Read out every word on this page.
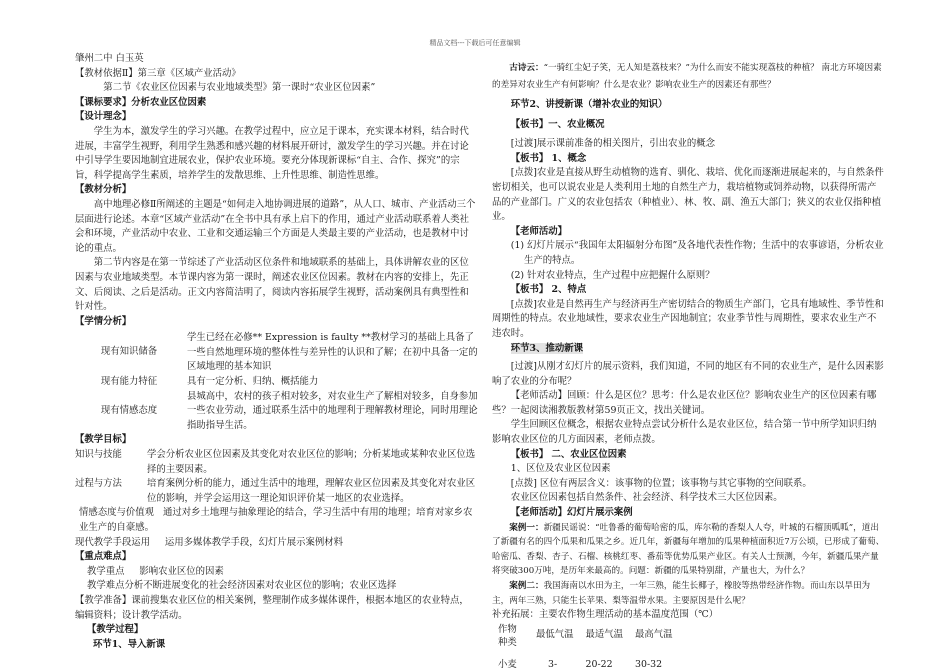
精品文档---下载后可任意编辑

肇州二中 白玉英

【教材依据Ⅱ】第三章《区域产业活动》

第二节《农业区位因素与农业地域类型》第一课时“农业区位因素”

【课标要求】分析农业区位因素

【设计理念】

学生为本，激发学生的学习兴趣。在教学过程中，应立足于课本，充实课本材料，结合时代进展，丰富学生视野，利用学生熟悉和感兴趣的材料展开研讨，激发学生的学习兴趣。并在讨论中引导学生要因地制宜进展农业，保护农业环境。要充分体现新课标“自主、合作、探究”的宗旨，科学提高学生素质，培养学生的发散思维、上升性思维、制造性思维。

【教材分析】

高中地理必修Ⅱ所阐述的主题是“如何走入地协调进展的道路”，从人口、城市、产业活动三个层面进行论述。本章“区域产业活动”在全书中具有承上启下的作用，通过产业活动联系着人类社会和环境，产业活动中农业、工业和交通运输三个方面是人类最主要的产业活动，也是教材中讨论的重点。

第二节内容是在第一节综述了产业活动区位条件和地域联系的基础上，具体讲解农业的区位因素与农业地域类型。本节课内容为第一课时，阐述农业区位因素。教材在内容的安排上，先正文、后阅读、之后是活动。正文内容简洁明了，阅读内容拓展学生视野，活动案例具有典型性和针对性。

【学情分析】

现有知识储备
学生已经在必修** Expression is faulty **教材学习的基础上具备了一些自然地理环境的整体性与差异性的认识和了解；在初中具备一定的区域地理的基本知识
现有能力特征	具有一定分析、归纳、概括能力
现有情感态度
县城高中，农村的孩子相对较多，对农业生产了解相对较多，自身参加一些农业劳动，通过联系生活中的地理利于理解教材理论，同时用理论指助指导生活。

【教学目标】

知识与技能	学会分析农业区位因素及其变化对农业区位的影响；分析某地或某种农业区位选择的主要因素。
过程与方法	培育案例分析的能力，通过生活中的地理，理解农业区位因素及其变化对农业区位的影响，并学会运用这一理论知识评价某一地区的农业选择。

情感态度与价值观 通过对乡土地理与抽象理论的结合，学习生活中有用的地理；培育对家乡农业生产的自豪感。

现代教学手段运用 运用多媒体教学手段，幻灯片展示案例材料

【重点难点】

教学重点 影响农业区位的因素

教学难点分析不断进展变化的社会经济因素对农业区位的影响；农业区选择

【教学准备】课前搜集农业区位的相关案例，整理制作成多媒体课件，根据本地区的农业特点，编辑资料；设计教学活动。

【教学过程】

环节1、导入新课

古诗云：“一骑红尘妃子笑，无人知是荔枝来？”为什么而安不能实现荔枝的种植？ 南北方环境因素的差异对农业生产有何影响？什么是农业？影响农业生产的因素还有那些？

环节2、讲授新课（增补农业的知识）

【板书】一、农业概况

[过渡]展示课前准备的相关图片，引出农业的概念

【板书】 1、概念

[点拨]农业是直接从野生动植物的选育、驯化、栽培、优化而逐渐进展起来的，与自然条件密切相关，也可以说农业是人类利用土地的自然生产力，栽培植物或饲养动物，以获得所需产品的产业部门。广义的农业包括农（种植业）、林、牧、副、渔五大部门；狭义的农业仅指种植业。

【老师活动】

(1) 幻灯片展示“我国年太阳辐射分布图”及各地代表性作物；生活中的农事谚语，分析农业生产的特点。

(2) 针对农业特点，生产过程中应把握什么原则？

【板书】 2、特点

[点拨]农业是自然再生产与经济再生产密切结合的物质生产部门，它具有地域性、季节性和周期性的特点。农业地域性，要求农业生产因地制宜；农业季节性与周期性，要求农业生产不违农时。

环节3、推动新课

[过渡]从刚才幻灯片的展示资料，我们知道，不同的地区有不同的农业生产，是什么因素影响了农业的分布呢？

【老师活动】回顾：什么是区位？思考：什么是农业区位？影响农业生产的区位因素有哪些？一起阅读湘教版教材第59页正文，找出关键词。

学生回顾区位概念，根据农业特点尝试分析什么是农业区位，结合第一节中所学知识归纳影响农业区位的几方面因素，老师点拨。

【板书】 二、农业区位因素

1、区位及农业区位因素

[点拨] 区位有两层含义：该事物的位置；该事物与其它事物的空间联系。

农业区位因素包括自然条件、社会经济、科学技术三大区位因素。

【老师活动】幻灯片展示案例

案例一：新疆民谣说：“吐鲁番的葡萄哈密的瓜，库尔勒的香梨人人夸，叶城的石榴顶呱呱”，道出了新疆有名的四个瓜果和瓜果之乡。近几年，新疆每年增加的瓜果种植面积近7万公顷，已形成了葡萄、哈密瓜、香梨、杏子、石榴、核桃红枣、番茄等优势瓜果产业区。有关人士预测，今年，新疆瓜果产量将突破300万吨，是历年来最高的。问题：新疆的瓜果特别甜，产量也大，为什么？

案例二：我国海南以水田为主，一年三熟，能生长椰子，橡胶等热带经济作物。而山东以旱田为主，两年三熟，只能生长苹果、梨等温带水果。主要原因是什么呢？

补充拓展：主要农作物生理活动的基本温度范围（℃）

作物种类	最低气温	最适气温	最高气温
小麦	3-	20-22	30-32
